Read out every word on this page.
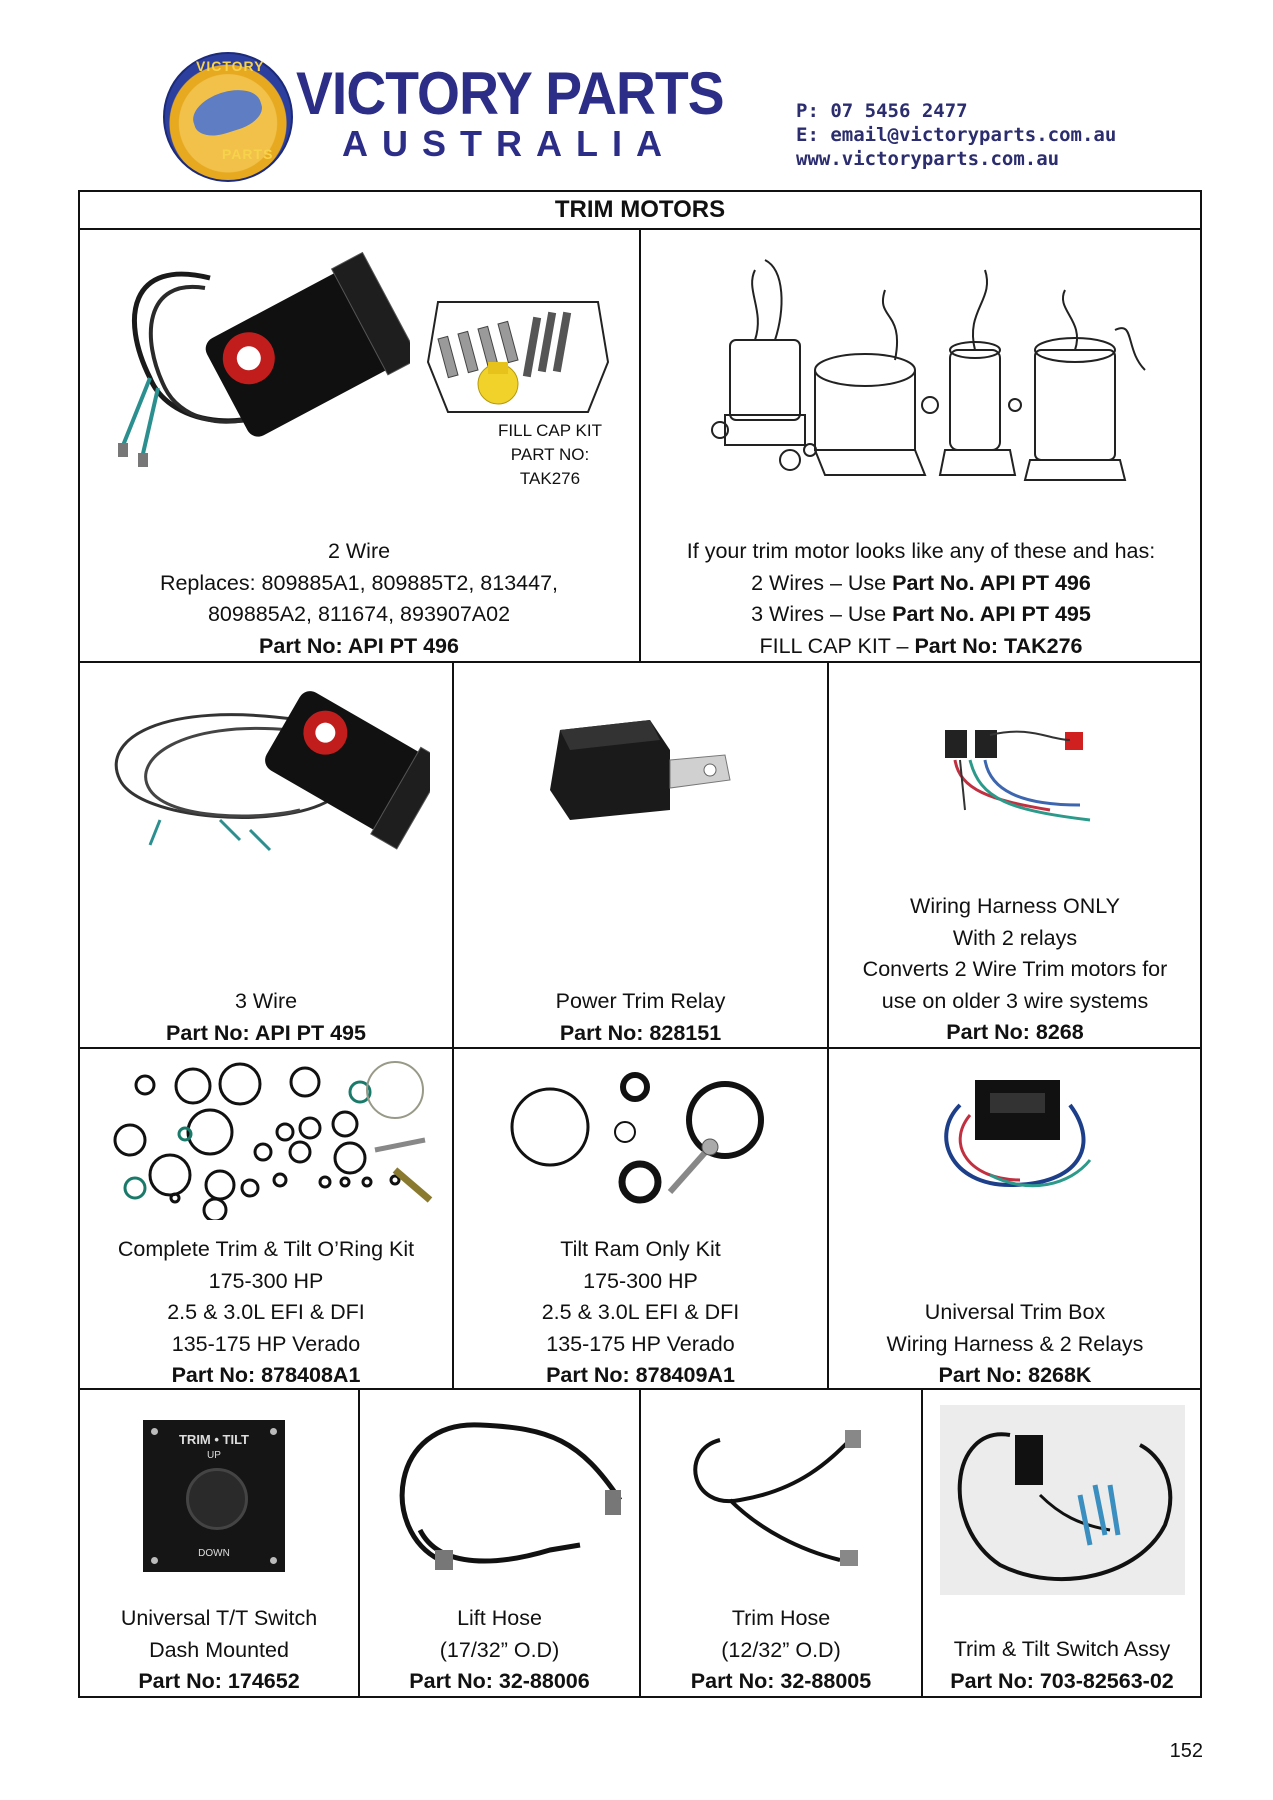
VICTORY
PARTS
VICTORY PARTS
AUSTRALIA
P: 07 5456 2477
E: email@victoryparts.com.au
www.victoryparts.com.au
TRIM MOTORS
FILL CAP KIT
PART NO: TAK276
2 Wire
Replaces: 809885A1, 809885T2, 813447,
809885A2, 811674, 893907A02
Part No: API PT 496
If your trim motor looks like any of these and has:
2 Wires – Use Part No. API PT 496
3 Wires – Use Part No. API PT 495
FILL CAP KIT – Part No: TAK276
3 Wire
Part No: API PT 495
Power Trim Relay
Part No: 828151
Wiring Harness ONLY
With 2 relays
Converts 2 Wire Trim motors for
use on older 3 wire systems
Part No: 8268
Complete Trim & Tilt O’Ring Kit
175-300 HP
2.5 & 3.0L EFI & DFI
135-175 HP Verado
Part No: 878408A1
Tilt Ram Only Kit
175-300 HP
2.5 & 3.0L EFI & DFI
135-175 HP Verado
Part No: 878409A1
Universal Trim Box
Wiring Harness & 2 Relays
Part No: 8268K
TRIM • TILT
UP
DOWN
Universal T/T Switch
Dash Mounted
Part No: 174652
Lift Hose
(17/32” O.D)
Part No: 32-88006
Trim Hose
(12/32” O.D)
Part No: 32-88005
Trim & Tilt Switch Assy
Part No: 703-82563-02
152
